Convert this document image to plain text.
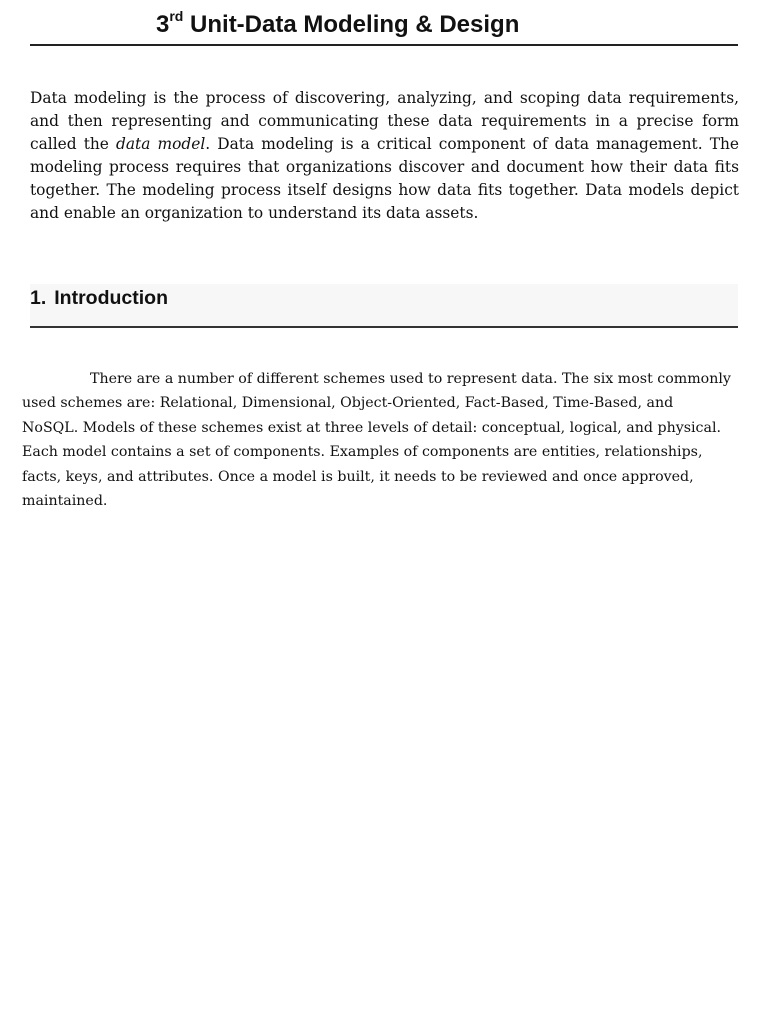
3rd Unit-Data Modeling & Design

Data modeling is the process of discovering, analyzing, and scoping data requirements, and then representing and communicating these data requirements in a precise form called the data model. Data modeling is a critical component of data management. The modeling process requires that organizations discover and document how their data fits together. The modeling process itself designs how data fits together. Data models depict and enable an organization to understand its data assets.

1. Introduction

There are a number of different schemes used to represent data. The six most commonly used schemes are: Relational, Dimensional, Object-Oriented, Fact-Based, Time-Based, and NoSQL. Models of these schemes exist at three levels of detail: conceptual, logical, and physical. Each model contains a set of components. Examples of components are entities, relationships, facts, keys, and attributes. Once a model is built, it needs to be reviewed and once approved, maintained.
